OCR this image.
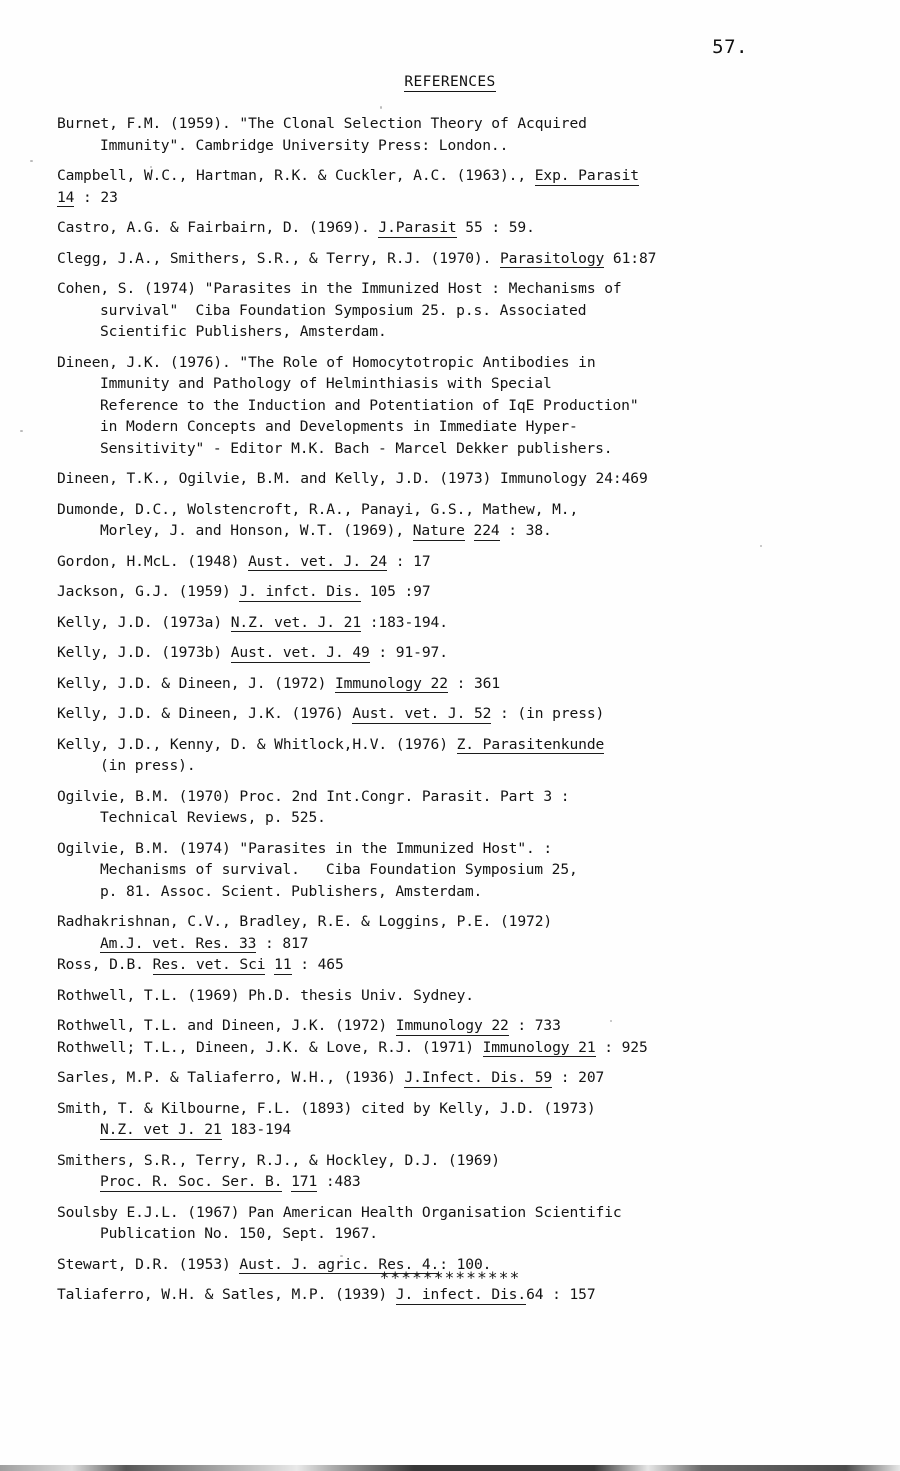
57.
REFERENCES
Burnet, F.M. (1959). "The Clonal Selection Theory of Acquired
Immunity". Cambridge University Press: London..
Campbell, W.C., Hartman, R.K. & Cuckler, A.C. (1963)., Exp. Parasit
14 : 23
Castro, A.G. & Fairbairn, D. (1969). J.Parasit 55 : 59.
Clegg, J.A., Smithers, S.R., & Terry, R.J. (1970). Parasitology 61:87
Cohen, S. (1974) "Parasites in the Immunized Host : Mechanisms of
survival"  Ciba Foundation Symposium 25. p.s. Associated
Scientific Publishers, Amsterdam.
Dineen, J.K. (1976). "The Role of Homocytotropic Antibodies in
Immunity and Pathology of Helminthiasis with Special
Reference to the Induction and Potentiation of IqE Production"
in Modern Concepts and Developments in Immediate Hyper-
Sensitivity" - Editor M.K. Bach - Marcel Dekker publishers.
Dineen, T.K., Ogilvie, B.M. and Kelly, J.D. (1973) Immunology 24:469
Dumonde, D.C., Wolstencroft, R.A., Panayi, G.S., Mathew, M.,
Morley, J. and Honson, W.T. (1969), Nature 224 : 38.
Gordon, H.McL. (1948) Aust. vet. J. 24 : 17
Jackson, G.J. (1959) J. infct. Dis. 105 :97
Kelly, J.D. (1973a) N.Z. vet. J. 21 :183-194.
Kelly, J.D. (1973b) Aust. vet. J. 49 : 91-97.
Kelly, J.D. & Dineen, J. (1972) Immunology 22 : 361
Kelly, J.D. & Dineen, J.K. (1976) Aust. vet. J. 52 : (in press)
Kelly, J.D., Kenny, D. & Whitlock,H.V. (1976) Z. Parasitenkunde
(in press).
Ogilvie, B.M. (1970) Proc. 2nd Int.Congr. Parasit. Part 3 :
Technical Reviews, p. 525.
Ogilvie, B.M. (1974) "Parasites in the Immunized Host". :
Mechanisms of survival.   Ciba Foundation Symposium 25,
p. 81. Assoc. Scient. Publishers, Amsterdam.
Radhakrishnan, C.V., Bradley, R.E. & Loggins, P.E. (1972)
Am.J. vet. Res. 33 : 817
Ross, D.B. Res. vet. Sci 11 : 465
Rothwell, T.L. (1969) Ph.D. thesis Univ. Sydney.
Rothwell, T.L. and Dineen, J.K. (1972) Immunology 22 : 733
Rothwell; T.L., Dineen, J.K. & Love, R.J. (1971) Immunology 21 : 925
Sarles, M.P. & Taliaferro, W.H., (1936) J.Infect. Dis. 59 : 207
Smith, T. & Kilbourne, F.L. (1893) cited by Kelly, J.D. (1973)
N.Z. vet J. 21 183-194
Smithers, S.R., Terry, R.J., & Hockley, D.J. (1969)
Proc. R. Soc. Ser. B. 171 :483
Soulsby E.J.L. (1967) Pan American Health Organisation Scientific
Publication No. 150, Sept. 1967.
Stewart, D.R. (1953) Aust. J. agric. Res. 4.: 100.
Taliaferro, W.H. & Satles, M.P. (1939) J. infect. Dis.64 : 157
*************
